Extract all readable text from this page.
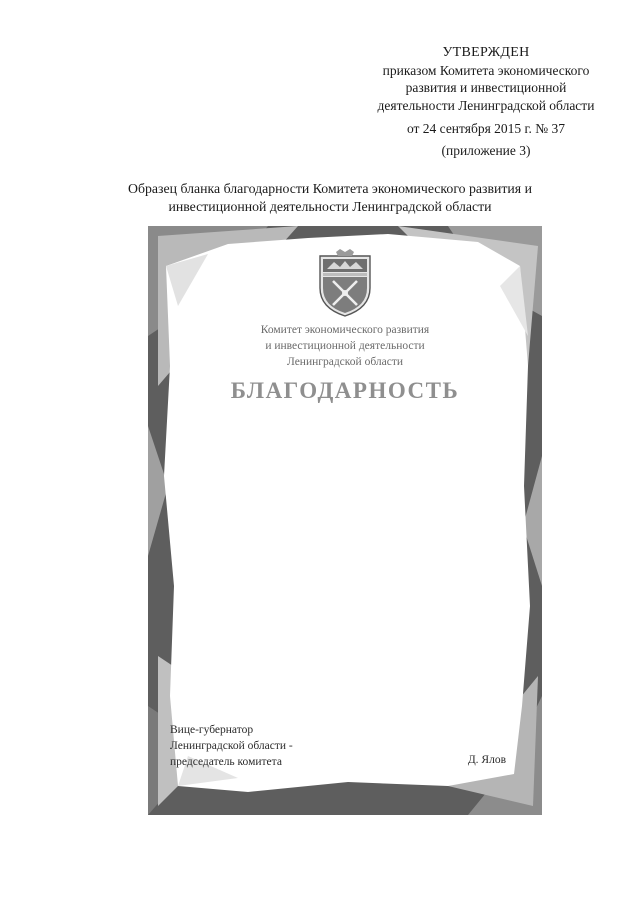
УТВЕРЖДЕН
приказом Комитета экономического
развития и инвестиционной
деятельности Ленинградской области
от 24 сентября 2015 г. № 37
(приложение 3)
Образец бланка благодарности Комитета экономического развития и
инвестиционной деятельности Ленинградской области
Комитет экономического развития
и инвестиционной деятельности
Ленинградской области
БЛАГОДАРНОСТЬ
Вице-губернатор
Ленинградской области -
председатель комитета	Д. Ялов
